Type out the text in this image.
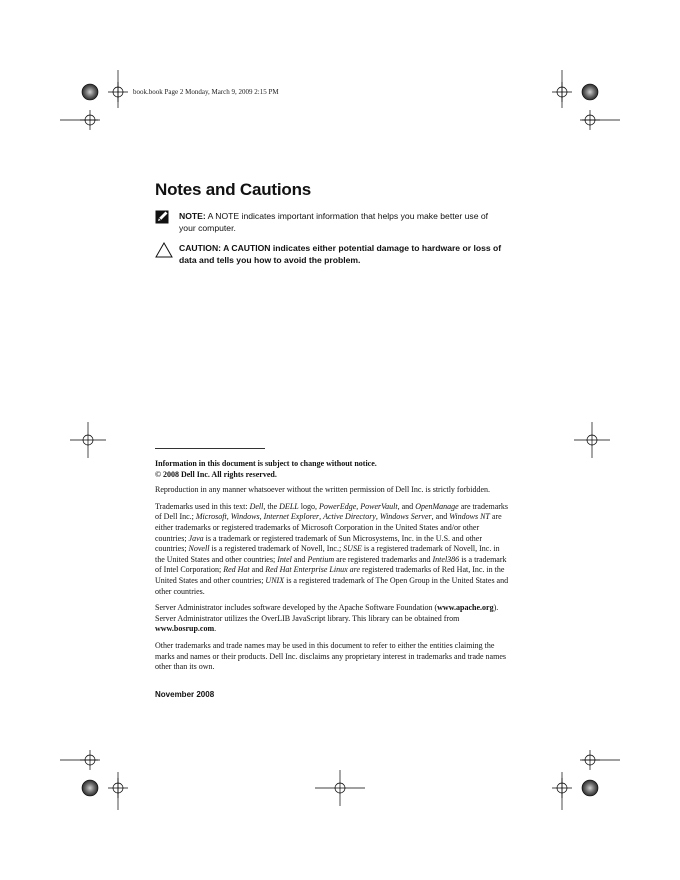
book.book Page 2 Monday, March 9, 2009 2:15 PM
Notes and Cautions
NOTE: A NOTE indicates important information that helps you make better use of
your computer.
CAUTION: A CAUTION indicates either potential damage to hardware or loss of
data and tells you how to avoid the problem.

Information in this document is subject to change without notice.
© 2008 Dell Inc. All rights reserved.

Reproduction in any manner whatsoever without the written permission of Dell Inc. is strictly forbidden.

Trademarks used in this text: Dell, the DELL logo, PowerEdge, PowerVault, and OpenManage are trademarks of Dell Inc.; Microsoft, Windows, Internet Explorer, Active Directory, Windows Server, and Windows NT are either trademarks or registered trademarks of Microsoft Corporation in the United States and/or other countries; Java is a trademark or registered trademark of Sun Microsystems, Inc. in the U.S. and other countries; Novell is a registered trademark of Novell, Inc.; SUSE is a registered trademark of Novell, Inc. in the United States and other countries; Intel and Pentium are registered trademarks and Intel386 is a trademark of Intel Corporation; Red Hat and Red Hat Enterprise Linux are registered trademarks of Red Hat, Inc. in the United States and other countries; UNIX is a registered trademark of The Open Group in the United States and other countries.

Server Administrator includes software developed by the Apache Software Foundation (www.apache.org). Server Administrator utilizes the OverLIB JavaScript library. This library can be obtained from www.bosrup.com.

Other trademarks and trade names may be used in this document to refer to either the entities claiming the marks and names or their products. Dell Inc. disclaims any proprietary interest in trademarks and trade names other than its own.

November 2008
